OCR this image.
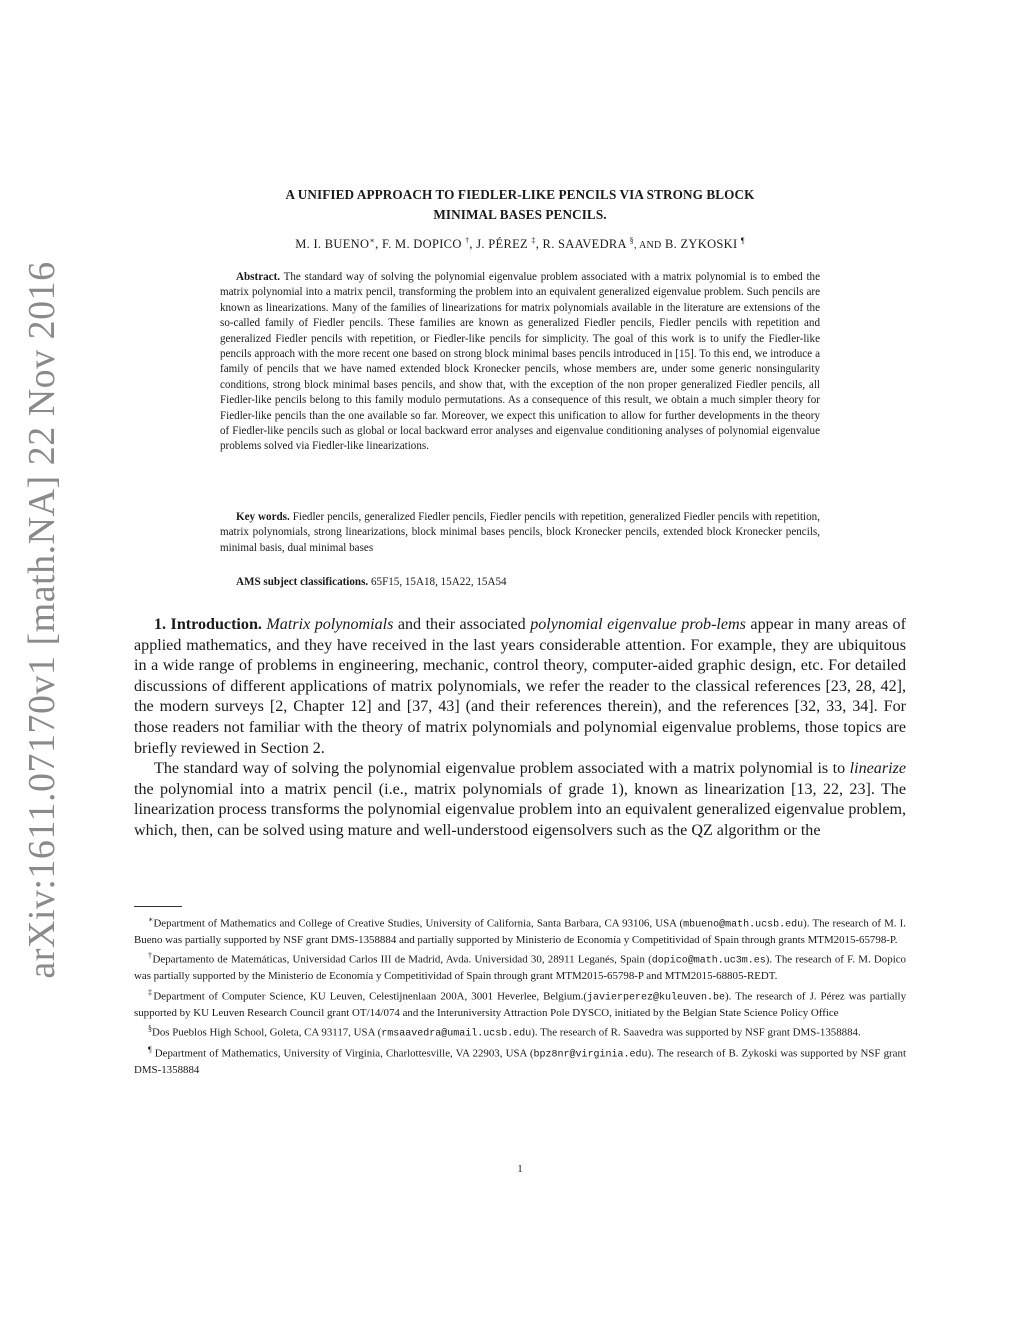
arXiv:1611.07170v1 [math.NA] 22 Nov 2016
A UNIFIED APPROACH TO FIEDLER-LIKE PENCILS VIA STRONG BLOCK
MINIMAL BASES PENCILS.
M. I. BUENO∗, F. M. DOPICO †, J. PÉREZ ‡, R. SAAVEDRA §, AND B. ZYKOSKI ¶
Abstract. The standard way of solving the polynomial eigenvalue problem associated with a matrix polynomial is to embed the matrix polynomial into a matrix pencil, transforming the problem into an equivalent generalized eigenvalue problem. Such pencils are known as linearizations. Many of the families of linearizations for matrix polynomials available in the literature are extensions of the so-called family of Fiedler pencils. These families are known as generalized Fiedler pencils, Fiedler pencils with repetition and generalized Fiedler pencils with repetition, or Fiedler-like pencils for simplicity. The goal of this work is to unify the Fiedler-like pencils approach with the more recent one based on strong block minimal bases pencils introduced in [15]. To this end, we introduce a family of pencils that we have named extended block Kronecker pencils, whose members are, under some generic nonsingularity conditions, strong block minimal bases pencils, and show that, with the exception of the non proper generalized Fiedler pencils, all Fiedler-like pencils belong to this family modulo permutations. As a consequence of this result, we obtain a much simpler theory for Fiedler-like pencils than the one available so far. Moreover, we expect this unification to allow for further developments in the theory of Fiedler-like pencils such as global or local backward error analyses and eigenvalue conditioning analyses of polynomial eigenvalue problems solved via Fiedler-like linearizations.
Key words. Fiedler pencils, generalized Fiedler pencils, Fiedler pencils with repetition, generalized Fiedler pencils with repetition, matrix polynomials, strong linearizations, block minimal bases pencils, block Kronecker pencils, extended block Kronecker pencils, minimal basis, dual minimal bases
AMS subject classifications. 65F15, 15A18, 15A22, 15A54

1. Introduction. Matrix polynomials and their associated polynomial eigenvalue prob-lems appear in many areas of applied mathematics, and they have received in the last years considerable attention. For example, they are ubiquitous in a wide range of problems in engineering, mechanic, control theory, computer-aided graphic design, etc. For detailed discussions of different applications of matrix polynomials, we refer the reader to the classical references [23, 28, 42], the modern surveys [2, Chapter 12] and [37, 43] (and their references therein), and the references [32, 33, 34]. For those readers not familiar with the theory of matrix polynomials and polynomial eigenvalue problems, those topics are briefly reviewed in Section 2.

The standard way of solving the polynomial eigenvalue problem associated with a matrix polynomial is to linearize the polynomial into a matrix pencil (i.e., matrix polynomials of grade 1), known as linearization [13, 22, 23]. The linearization process transforms the polynomial eigenvalue problem into an equivalent generalized eigenvalue problem, which, then, can be solved using mature and well-understood eigensolvers such as the QZ algorithm or the

∗Department of Mathematics and College of Creative Studies, University of California, Santa Barbara, CA 93106, USA (mbueno@math.ucsb.edu). The research of M. I. Bueno was partially supported by NSF grant DMS-1358884 and partially supported by Ministerio de Economía y Competitividad of Spain through grants MTM2015-65798-P.

†Departamento de Matemáticas, Universidad Carlos III de Madrid, Avda. Universidad 30, 28911 Leganés, Spain (dopico@math.uc3m.es). The research of F. M. Dopico was partially supported by the Ministerio de Economía y Competitividad of Spain through grant MTM2015-65798-P and MTM2015-68805-REDT.

‡Department of Computer Science, KU Leuven, Celestijnenlaan 200A, 3001 Heverlee, Belgium.(javierperez@kuleuven.be). The research of J. Pérez was partially supported by KU Leuven Research Council grant OT/14/074 and the Interuniversity Attraction Pole DYSCO, initiated by the Belgian State Science Policy Office

§Dos Pueblos High School, Goleta, CA 93117, USA (rmsaavedra@umail.ucsb.edu). The research of R. Saavedra was supported by NSF grant DMS-1358884.

¶ Department of Mathematics, University of Virginia, Charlottesville, VA 22903, USA (bpz8nr@virginia.edu). The research of B. Zykoski was supported by NSF grant DMS-1358884

1
